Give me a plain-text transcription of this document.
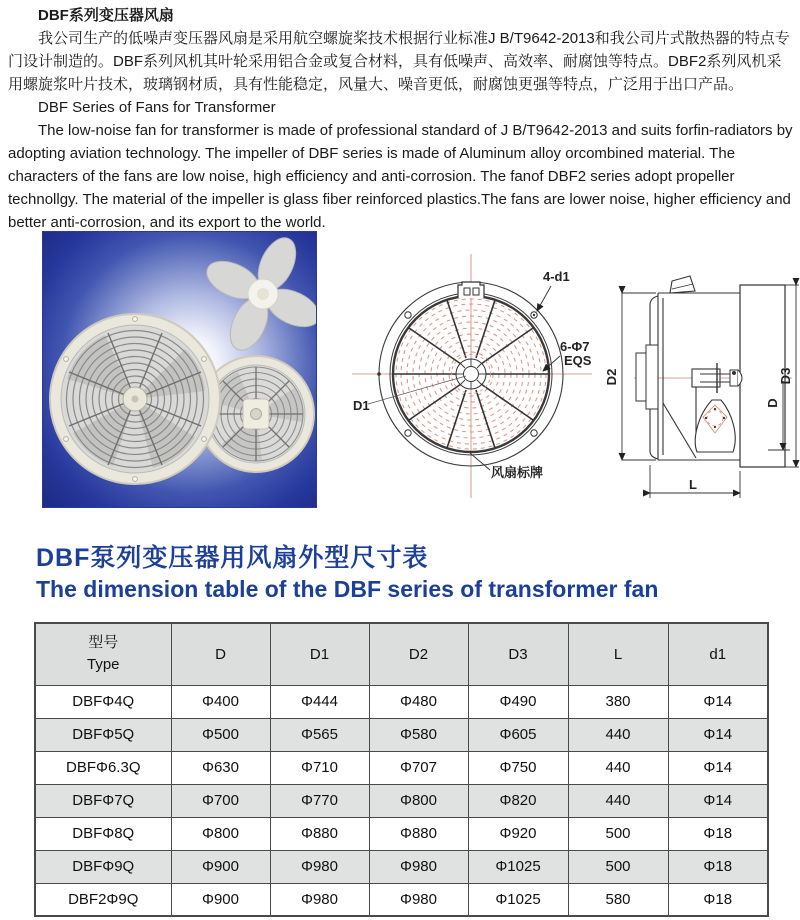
DBF系列变压器风扇

我公司生产的低噪声变压器风扇是采用航空螺旋桨技术根据行业标准J B/T9642-2013和我公司片式散热器的特点专门设计制造的。DBF系列风机其叶轮采用铝合金或复合材料，具有低噪声、高效率、耐腐蚀等特点。DBF2系列风机采用螺旋浆叶片技术，玻璃钢材质，具有性能稳定，风量大、噪音更低，耐腐蚀更强等特点，广泛用于出口产品。

DBF Series of Fans for Transformer

The low-noise fan for transformer is made of professional standard of J B/T9642-2013 and suits forfin-radiators by adopting aviation technology. The impeller of DBF series is made of Aluminum alloy orcombined material. The characters of the fans are low noise, high efficiency and anti-corrosion. The fanof DBF2 series adopt propeller technollgy. The material of the impeller is glass fiber reinforced plastics.The fans are lower noise, higher efficiency and better anti-corrosion, and its export to the world.

4-d1
6-Φ7
EQS
D1
风扇标牌
D2	D3
D
L
DBF泵列变压器用风扇外型尺寸表
The dimension table of the DBF series of transformer fan
型号
Type	D	D1	D2	D3	L	d1
DBFΦ4Q	Φ400	Φ444	Φ480	Φ490	380	Φ14
DBFΦ5Q	Φ500	Φ565	Φ580	Φ605	440	Φ14
DBFΦ6.3Q	Φ630	Φ710	Φ707	Φ750	440	Φ14
DBFΦ7Q	Φ700	Φ770	Φ800	Φ820	440	Φ14
DBFΦ8Q	Φ800	Φ880	Φ880	Φ920	500	Φ18
DBFΦ9Q	Φ900	Φ980	Φ980	Φ1025	500	Φ18
DBF2Φ9Q	Φ900	Φ980	Φ980	Φ1025	580	Φ18
